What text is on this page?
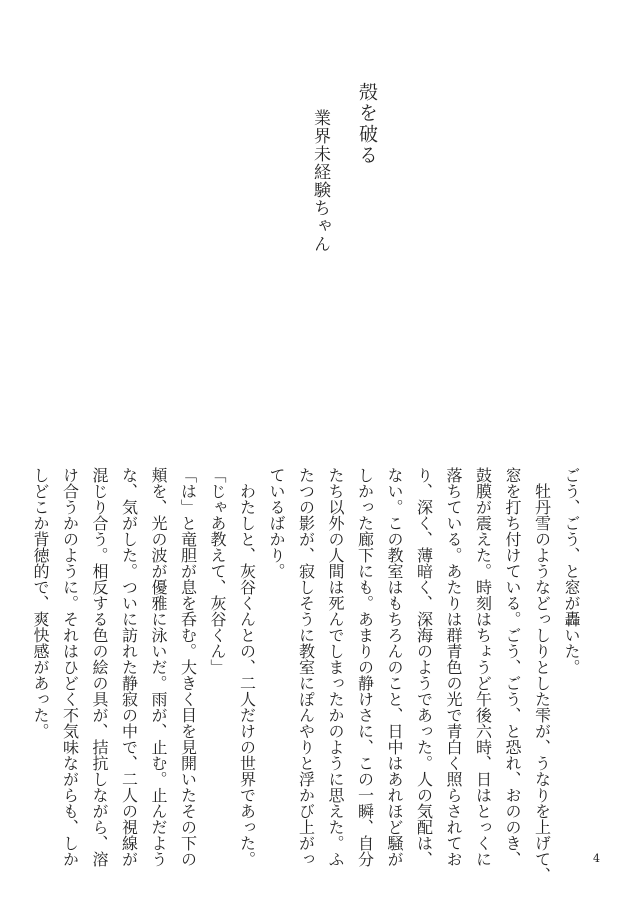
殻を破る
業界未経験ちゃん
ごう、ごう、と窓が轟いた。
牡丹雪のようなどっしりとした雫が、うなりを上げて、
窓を打ち付けている。ごう、ごう、と恐れ、おののき、
鼓膜が震えた。時刻はちょうど午後六時、日はとっくに
落ちている。あたりは群青色の光で青白く照らされてお
り、深く、薄暗く、深海のようであった。人の気配は、
ない。この教室はもちろんのこと、日中はあれほど騒が
しかった廊下にも。あまりの静けさに、この一瞬、自分
たち以外の人間は死んでしまったかのように思えた。ふ
たつの影が、寂しそうに教室にぽんやりと浮かび上がっ
ているばかり。
わたしと、灰谷くんとの、二人だけの世界であった。
「じゃあ教えて、灰谷くん」
「は」と竜胆が息を呑む。大きく目を見開いたその下の
頬を、光の波が優雅に泳いだ。雨が、止む。止んだよう
な、気がした。ついに訪れた静寂の中で、二人の視線が
混じり合う。相反する色の絵の具が、拮抗しながら、溶
け合うかのように。それはひどく不気味ながらも、しか
しどこか背徳的で、爽快感があった。
4
